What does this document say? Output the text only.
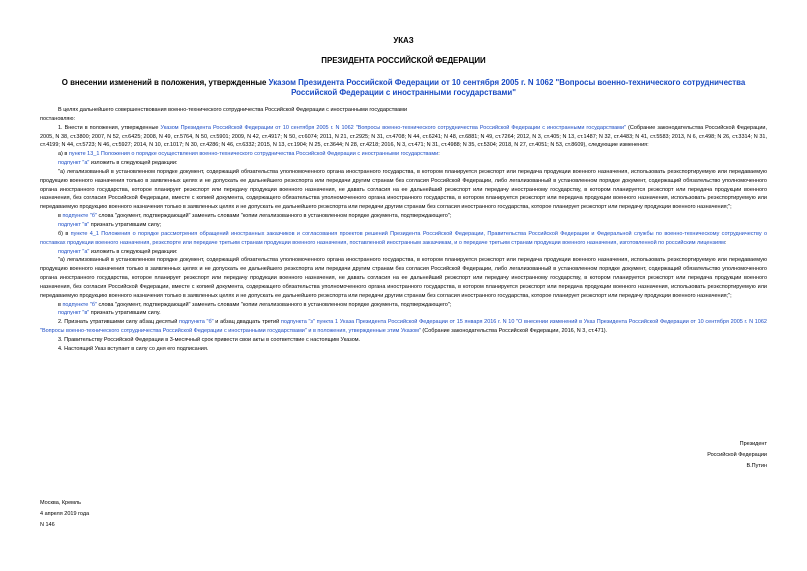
УКАЗ
ПРЕЗИДЕНТА РОССИЙСКОЙ ФЕДЕРАЦИИ
О внесении изменений в положения, утвержденные Указом Президента Российской Федерации от 10 сентября 2005 г. N 1062 "Вопросы военно-технического сотрудничества Российской Федерации с иностранными государствами"

В целях дальнейшего совершенствования военно-технического сотрудничества Российской Федерации с иностранными государствами

постановляю:

1. Внести в положения, утвержденные Указом Президента Российской Федерации от 10 сентября 2005 г. N 1062 "Вопросы военно-технического сотрудничества Российской Федерации с иностранными государствами" (Собрание законодательства Российской Федерации, 2005, N 38, ст.3800; 2007, N 52, ст.6425; 2008, N 49, ст.5764, N 50, ст.5901; 2009, N 42, ст.4917; N 50, ст.6074; 2011, N 21, ст.2925; N 31, ст.4708; N 44, ст.6241; N 48, ст.6881; N 49, ст.7264; 2012, N 3, ст.405; N 13, ст.1487; N 32, ст.4483; N 41, ст.5583; 2013, N 6, ст.498; N 26, ст.3314; N 31, ст.4199; N 44, ст.5723; N 46, ст.5927; 2014, N 10, ст.1017; N 30, ст.4286; N 46, ст.6332; 2015, N 13, ст.1904; N 25, ст.3644; N 28, ст.4218; 2016, N 3, ст.471; N 31, ст.4988; N 35, ст.5304; 2018, N 27, ст.4051; N 53, ст.8609), следующие изменения:

а) в пункте 13_1 Положения о порядке осуществления военно-технического сотрудничества Российской Федерации с иностранными государствами:

подпункт "а" изложить в следующей редакции:

"а) легализованный в установленном порядке документ, содержащий обязательства уполномоченного органа иностранного государства, в котором планируется реэкспорт или передача продукции военного назначения, использовать реэкспортируемую или передаваемую продукцию военного назначения только в заявленных целях и не допускать ее дальнейшего реэкспорта или передачи другим странам без согласия Российской Федерации, либо легализованный в установленном порядке документ, содержащий обязательство уполномоченного органа иностранного государства, которое планирует реэкспорт или передачу продукции военного назначения, не давать согласия на ее дальнейший реэкспорт или передачу иностранному государству, в котором планируется реэкспорт или передача продукции военного назначения, без согласия Российской Федерации, вместе с копией документа, содержащего обязательства уполномоченного органа иностранного государства, в котором планируется реэкспорт или передача продукции военного назначения, использовать реэкспортируемую или передаваемую продукцию военного назначения только в заявленных целях и не допускать ее дальнейшего реэкспорта или передачи другим странам без согласия иностранного государства, которое планирует реэкспорт или передачу продукции военного назначения;";

в подпункте "б" слова "документ, подтверждающий" заменить словами "копии легализованного в установленном порядке документа, подтверждающего";

подпункт "в" признать утратившим силу;

б) в пункте 4_1 Положения о порядке рассмотрения обращений иностранных заказчиков и согласования проектов решений Президента Российской Федерации, Правительства Российской Федерации и Федеральной службы по военно-техническому сотрудничеству о поставках продукции военного назначения, реэкспорте или передаче третьим странам продукции военного назначения, поставленной иностранным заказчикам, и о передаче третьим странам продукции военного назначения, изготовленной по российским лицензиям:

подпункт "а" изложить в следующей редакции:

"а) легализованный в установленном порядке документ, содержащий обязательства уполномоченного органа иностранного государства, в котором планируется реэкспорт или передача продукции военного назначения, использовать реэкспортируемую или передаваемую продукцию военного назначения только в заявленных целях и не допускать ее дальнейшего реэкспорта или передачи другим странам без согласия Российской Федерации, либо легализованный в установленном порядке документ, содержащий обязательство уполномоченного органа иностранного государства, которое планирует реэкспорт или передачу продукции военного назначения, не давать согласия на ее дальнейший реэкспорт или передачу иностранному государству, в котором планируется реэкспорт или передача продукции военного назначения, без согласия Российской Федерации, вместе с копией документа, содержащего обязательства уполномоченного органа иностранного государства, в котором планируется реэкспорт или передача продукции военного назначения, использовать реэкспортируемую или передаваемую продукцию военного назначения только в заявленных целях и не допускать ее дальнейшего реэкспорта или передачи другим странам без согласия иностранного государства, которое планирует реэкспорт или передачу продукции военного назначения;";

в подпункте "б" слова "документ, подтверждающий" заменить словами "копии легализованного в установленном порядке документа, подтверждающего";

подпункт "в" признать утратившим силу.

2. Признать утратившими силу абзац десятый подпункта "б" и абзац двадцать третий подпункта "з" пункта 1 Указа Президента Российской Федерации от 15 января 2016 г. N 10 "О внесении изменений в Указ Президента Российской Федерации от 10 сентября 2005 г. N 1062 "Вопросы военно-технического сотрудничества Российской Федерации с иностранными государствами" и в положения, утвержденные этим Указом" (Собрание законодательства Российской Федерации, 2016, N 3, ст.471).

3. Правительству Российской Федерации в 3-месячный срок привести свои акты в соответствие с настоящим Указом.

4. Настоящий Указ вступает в силу со дня его подписания.

Президент
Российской Федерации
В.Путин
Москва, Кремль
4 апреля 2019 года
N 146
